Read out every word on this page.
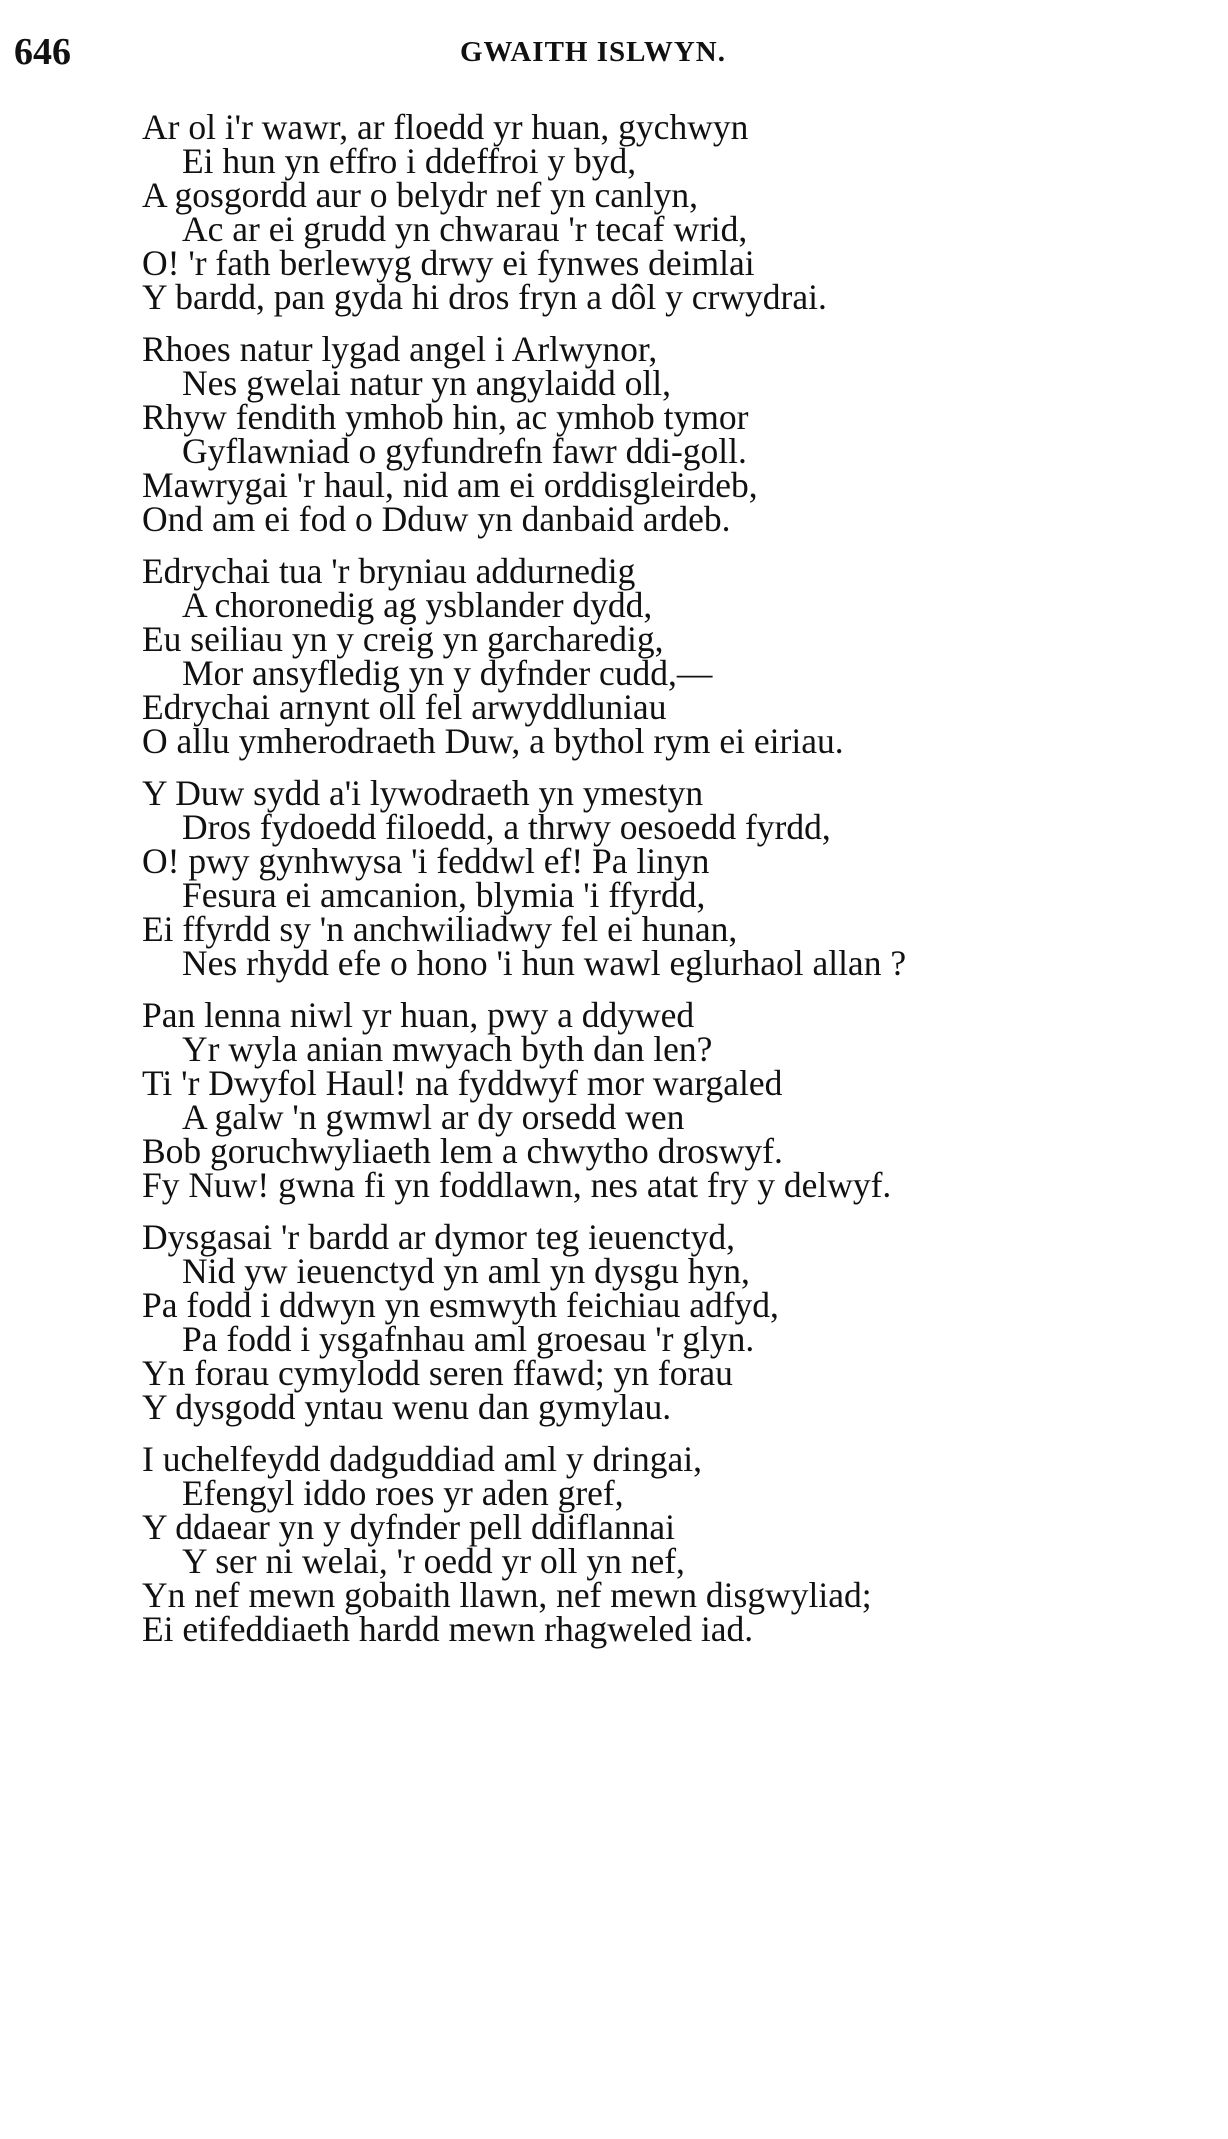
646	GWAITH ISLWYN.
Ar ol i'r wawr, ar floedd yr huan, gychwyn
Ei hun yn effro i ddeffroi y byd,
A gosgordd aur o belydr nef yn canlyn,
Ac ar ei grudd yn chwarau 'r tecaf wrid,
O! 'r fath berlewyg drwy ei fynwes deimlai
Y bardd, pan gyda hi dros fryn a dôl y crwydrai.
Rhoes natur lygad angel i Arlwynor,
Nes gwelai natur yn angylaidd oll,
Rhyw fendith ymhob hin, ac ymhob tymor
Gyflawniad o gyfundrefn fawr ddi-goll.
Mawrygai 'r haul, nid am ei orddisgleirdeb,
Ond am ei fod o Dduw yn danbaid ardeb.
Edrychai tua 'r bryniau addurnedig
A choronedig ag ysblander dydd,
Eu seiliau yn y creig yn garcharedig,
Mor ansyfledig yn y dyfnder cudd,—
Edrychai arnynt oll fel arwyddluniau
O allu ymherodraeth Duw, a bythol rym ei eiriau.
Y Duw sydd a'i lywodraeth yn ymestyn
Dros fydoedd filoedd, a thrwy oesoedd fyrdd,
O! pwy gynhwysa 'i feddwl ef! Pa linyn
Fesura ei amcanion, blymia 'i ffyrdd,
Ei ffyrdd sy 'n anchwiliadwy fel ei hunan,
Nes rhydd efe o hono 'i hun wawl eglurhaol allan ?
Pan lenna niwl yr huan, pwy a ddywed
Yr wyla anian mwyach byth dan len?
Ti 'r Dwyfol Haul! na fyddwyf mor wargaled
A galw 'n gwmwl ar dy orsedd wen
Bob goruchwyliaeth lem a chwytho droswyf.
Fy Nuw! gwna fi yn foddlawn, nes atat fry y delwyf.
Dysgasai 'r bardd ar dymor teg ieuenctyd,
Nid yw ieuenctyd yn aml yn dysgu hyn,
Pa fodd i ddwyn yn esmwyth feichiau adfyd,
Pa fodd i ysgafnhau aml groesau 'r glyn.
Yn forau cymylodd seren ffawd; yn forau
Y dysgodd yntau wenu dan gymylau.
I uchelfeydd dadguddiad aml y dringai,
Efengyl iddo roes yr aden gref,
Y ddaear yn y dyfnder pell ddiflannai
Y ser ni welai, 'r oedd yr oll yn nef,
Yn nef mewn gobaith llawn, nef mewn disgwyliad;
Ei etifeddiaeth hardd mewn rhagweled iad.
